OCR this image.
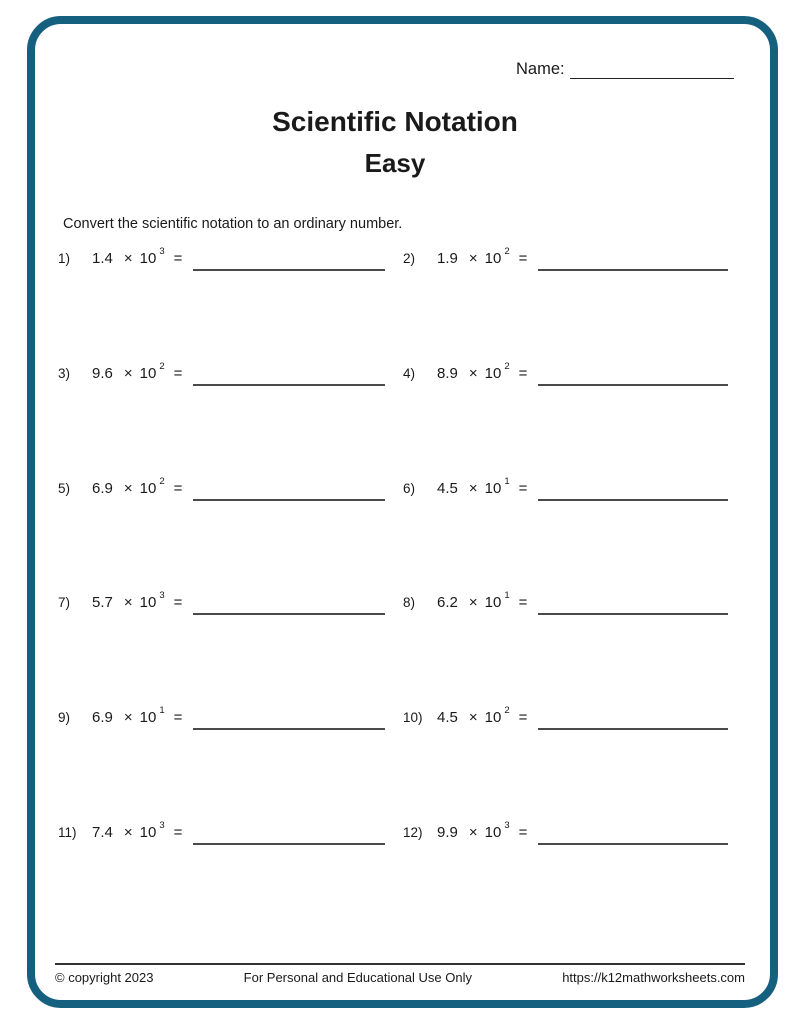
Name:
Scientific Notation
Easy
Convert the scientific notation to an ordinary number.
1)	1.4 × 10 $^3$ =	2)	1.9 × 10 $^2$ =
3)	9.6 × 10 $^2$ =	4)	8.9 × 10 $^2$ =
5)	6.9 × 10 $^2$ =	6)	4.5 × 10 $^1$ =
7)	5.7 × 10 $^3$ =	8)	6.2 × 10 $^1$ =
9)	6.9 × 10 $^1$ =	10) 4.5 × 10 $^2$ =
11)	7.4 × 10 $^3$ =	12) 9.9 × 10 $^3$ =
© copyright 2023	For Personal and Educational Use Only	https://k12mathworksheets.com
